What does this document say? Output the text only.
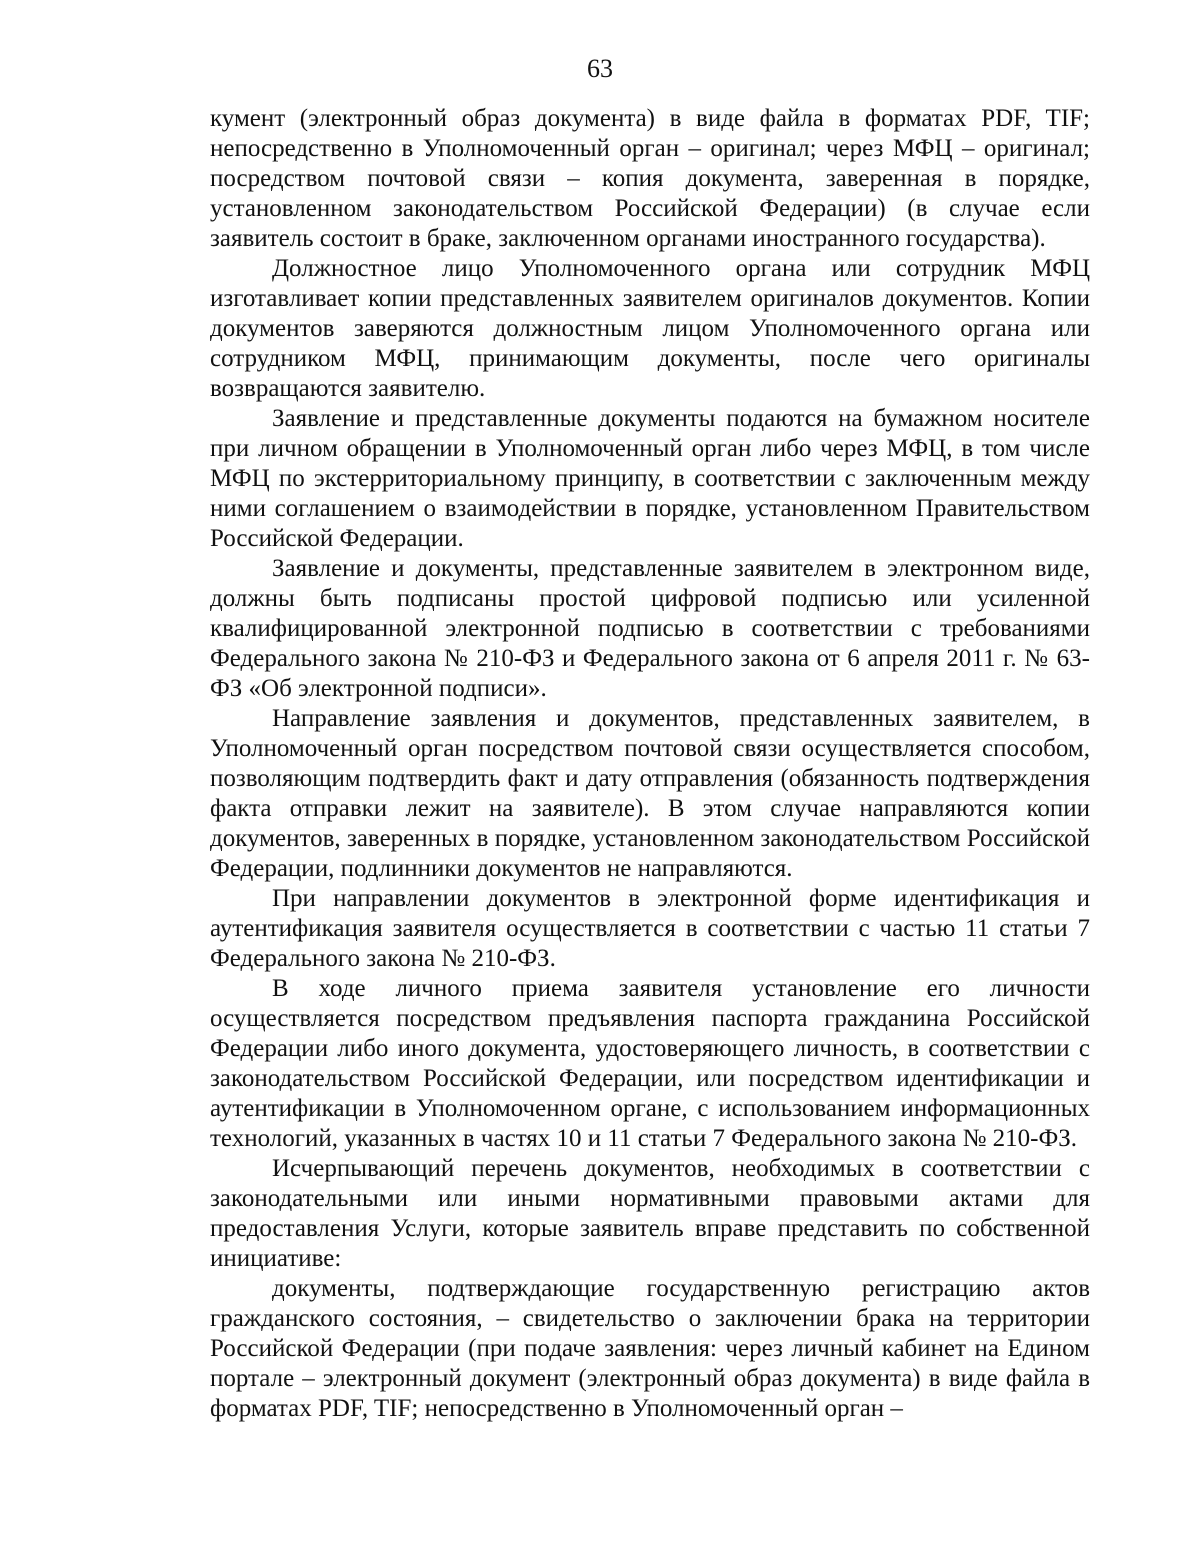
63

кумент (электронный образ документа) в виде файла в форматах PDF, TIF; непосредственно в Уполномоченный орган – оригинал; через МФЦ – оригинал; посредством почтовой связи – копия документа, заверенная в порядке, установленном законодательством Российской Федерации) (в случае если заявитель состоит в браке, заключенном органами иностранного государства).

Должностное лицо Уполномоченного органа или сотрудник МФЦ изготавливает копии представленных заявителем оригиналов документов. Копии документов заверяются должностным лицом Уполномоченного органа или сотрудником МФЦ, принимающим документы, после чего оригиналы возвращаются заявителю.

Заявление и представленные документы подаются на бумажном носителе при личном обращении в Уполномоченный орган либо через МФЦ, в том числе МФЦ по экстерриториальному принципу, в соответствии с заключенным между ними соглашением о взаимодействии в порядке, установленном Правительством Российской Федерации.

Заявление и документы, представленные заявителем в электронном виде, должны быть подписаны простой цифровой подписью или усиленной квалифицированной электронной подписью в соответствии с требованиями Федерального закона № 210-ФЗ и Федерального закона от 6 апреля 2011 г. № 63-ФЗ «Об электронной подписи».

Направление заявления и документов, представленных заявителем, в Уполномоченный орган посредством почтовой связи осуществляется способом, позволяющим подтвердить факт и дату отправления (обязанность подтверждения факта отправки лежит на заявителе). В этом случае направляются копии документов, заверенных в порядке, установленном законодательством Российской Федерации, подлинники документов не направляются.

При направлении документов в электронной форме идентификация и аутентификация заявителя осуществляется в соответствии с частью 11 статьи 7 Федерального закона № 210-ФЗ.

В ходе личного приема заявителя установление его личности осуществляется посредством предъявления паспорта гражданина Российской Федерации либо иного документа, удостоверяющего личность, в соответствии с законодательством Российской Федерации, или посредством идентификации и аутентификации в Уполномоченном органе, с использованием информационных технологий, указанных в частях 10 и 11 статьи 7 Федерального закона № 210-ФЗ.

Исчерпывающий перечень документов, необходимых в соответствии с законодательными или иными нормативными правовыми актами для предоставления Услуги, которые заявитель вправе представить по собственной инициативе:

документы, подтверждающие государственную регистрацию актов гражданского состояния, – свидетельство о заключении брака на территории Российской Федерации (при подаче заявления: через личный кабинет на Едином портале – электронный документ (электронный образ документа) в виде файла в форматах PDF, TIF; непосредственно в Уполномоченный орган –
